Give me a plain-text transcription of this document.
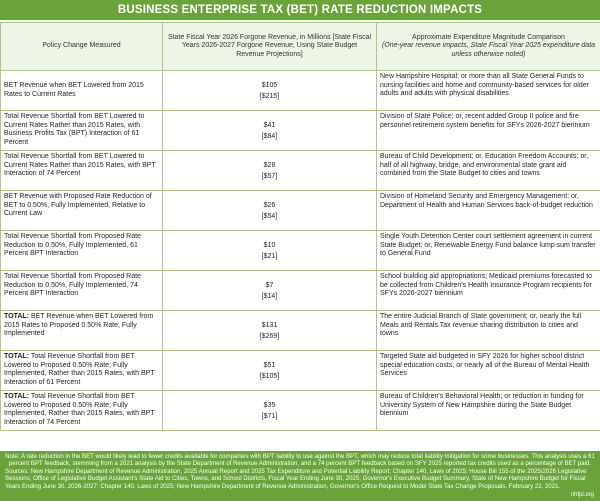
BUSINESS ENTERPRISE TAX (BET) RATE REDUCTION IMPACTS
Policy Change Measured	State Fiscal Year 2026 Forgone Revenue, in Millions [State Fiscal Years 2026-2027 Forgone Revenue, Using State Budget Revenue Projections]	Approximate Expenditure Magnitude Comparison
(One-year revenue impacts, State Fiscal Year 2025 expenditure data unless otherwise noted)

BET Revenue when BET Lowered from 2015 Rates to Current Rates	$105
[$215]	New Hampshire Hospital; or more than all State General Funds to nursing facilities and home and community-based services for older adults and adults with physical disabilities
Total Revenue Shortfall from BET Lowered to Current Rates Rather than 2015 Rates, with Business Profits Tax (BPT) Interaction of 61 Percent	$41
[$84]	Division of State Police; or, recent added Group II police and fire personnel retirement system benefits for SFYs 2026-2027 biennium
Total Revenue Shortfall from BET Lowered to Current Rates Rather than 2015 Rates, with BPT Interaction of 74 Percent	$28
[$57]	Bureau of Child Development; or, Education Freedom Accounts; or, half of all highway, bridge, and environmental state grant aid combined from the State Budget to cities and towns
BET Revenue with Proposed Rate Reduction of BET to 0.50%, Fully Implemented, Relative to Current Law	$26
[$54]	Division of Homeland Security and Emergency Management; or, Department of Health and Human Services back-of-budget reduction
Total Revenue Shortfall from Proposed Rate Reduction to 0.50%, Fully Implemented, 61 Percent BPT Interaction	$10
[$21]	Single Youth Detention Center court settlement agreement in current State Budget; or, Renewable Energy Fund balance lump sum transfer to General Fund
Total Revenue Shortfall from Proposed Rate Reduction to 0.50%, Fully Implemented, 74 Percent BPT Interaction	$7
[$14]	School building aid appropriations; Medicaid premiums forecasted to be collected from Children's Health Insurance Program recipients for SFYs 2026-2027 biennium
TOTAL: BET Revenue when BET Lowered from 2015 Rates to Proposed 0.50% Rate, Fully Implemented	$131
[$269]	The entire Judicial Branch of State government; or, nearly the full Meals and Rentals Tax revenue sharing distribution to cities and towns
TOTAL: Total Revenue Shortfall from BET Lowered to Proposed 0.50% Rate, Fully Implemented, Rather than 2015 Rates, with BPT Interaction of 61 Percent	$51
[$105]	Targeted State aid budgeted in SFY 2026 for higher school district special education costs; or nearly all of the Bureau of Mental Health Services
TOTAL: Total Revenue Shortfall from BET Lowered to Proposed 0.50% Rate, Fully Implemented, Rather than 2015 Rates, with BPT Interaction of 74 Percent	$35
[$71]	Bureau of Children's Behavioral Health; or reduction in funding for University System of New Hampshire during the State Budget biennium

Note: A rate reduction in the BET would likely lead to fewer credits available for companies with BPT liability to use against the BPT, which may reduce total liability mitigation for some businesses. This analysis uses a 61 percent BPT feedback, stemming from a 2021 analysis by the State Department of Revenue Administration, and a 74 percent BPT feedback based on SFY 2025 reported tax credits used as a percentage of BET paid.

Sources: New Hampshire Department of Revenue Administration, 2025 Annual Report and 2025 Tax Expenditure and Potential Liability Report; Chapter 140, Laws of 2025; House Bill 155 of the 2025/2026 Legislative Sessions; Office of Legislative Budget Assistant's State Aid to Cities, Towns, and School Districts, Fiscal Year Ending June 30, 2025; Governor's Executive Budget Summary, State of New Hampshire Budget for Fiscal Years Ending June 30, 2026-2027; Chapter 140, Laws of 2025; New Hampshire Department of Revenue Administration, Governor's Office Request to Model State Tax Change Proposals, February 22, 2021.

nhfpi.org
